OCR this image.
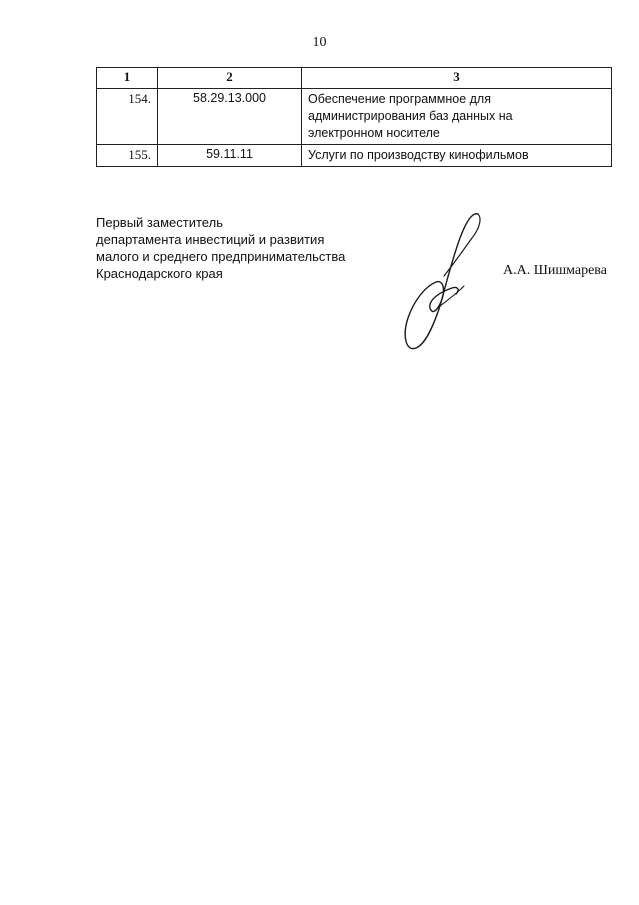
10
1	2	3
154.	58.29.13.000	Обеспечение программное для
администрирования баз данных на
электронном носителе

155.	59.11.11	Услуги по производству кинофильмов
Первый заместитель
департамента инвестиций и развития
малого и среднего предпринимательства
Краснодарского края	А.А. Шишмарева
